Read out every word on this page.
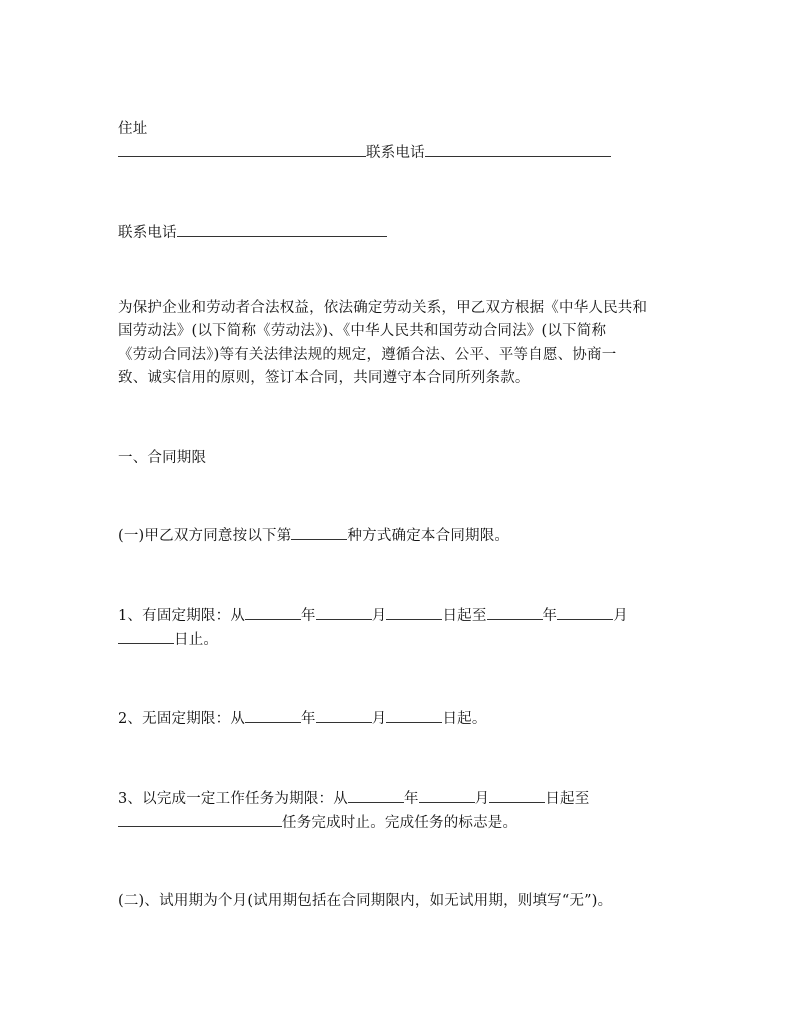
住址
联系电话
联系电话
为保护企业和劳动者合法权益，依法确定劳动关系，甲乙双方根据《中华人民共和
国劳动法》(以下简称《劳动法》)、《中华人民共和国劳动合同法》(以下简称
《劳动合同法》)等有关法律法规的规定，遵循合法、公平、平等自愿、协商一
致、诚实信用的原则，签订本合同，共同遵守本合同所列条款。
一、合同期限
(一)甲乙双方同意按以下第	种方式确定本合同期限。
1、有固定期限：从	年	月	日起至	年	月
日止。
2、无固定期限：从	年	月	日起。
3、以完成一定工作任务为期限：从	年	月	日起至
任务完成时止。完成任务的标志是。
(二)、试用期为个月(试用期包括在合同期限内，如无试用期，则填写“无”)。
